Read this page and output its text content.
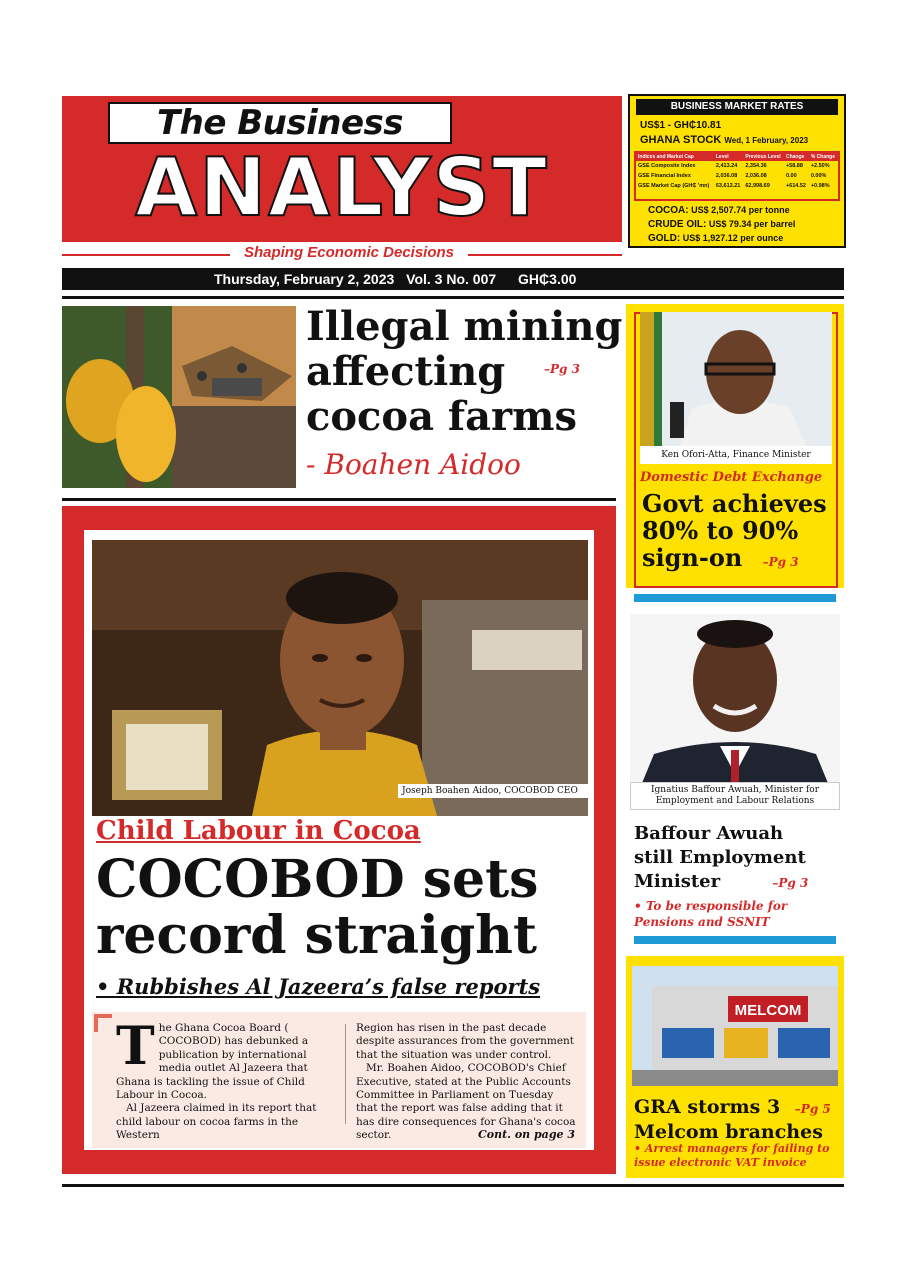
The Business
ANALYST
Shaping Economic Decisions
Thursday, February 2, 2023 Vol. 3 No. 007 GH₵3.00
BUSINESS MARKET RATES
US$1 - GH₵10.81
GHANA STOCK Wed, 1 February, 2023
Indices and Market Cap	Level	Previous Level	Change	% Change
GSE Composite Index	2,413.24	2,354.36	+58.88	+2.50%
GSE Financial Index	2,036.08	2,036.08	0.00	0.00%
GSE Market Cap (GH₵ 'mn)	63,613.21	62,998.69	+614.52	+0.98%
COCOA: US$ 2,507.74 per tonne
CRUDE OIL: US$ 79.34 per barrel
GOLD: US$ 1,927.12 per ounce
Illegal mining
affecting
cocoa farms
–Pg 3
- Boahen Aidoo
Joseph Boahen Aidoo, COCOBOD CEO
Child Labour in Cocoa
COCOBOD sets
record straight
• Rubbishes Al Jazeera’s false reports
T he Ghana Cocoa Board ( COCOBOD) has debunked a publication by international media outlet Al Jazeera that Ghana is tackling the issue of Child Labour in Cocoa.
Al Jazeera claimed in its report that child labour on cocoa farms in the Western
Region has risen in the past decade despite assurances from the government that the situation was under control.
Mr. Boahen Aidoo, COCOBOD's Chief Executive, stated at the Public Accounts Committee in Parliament on Tuesday that the report was false adding that it has dire consequences for Ghana's cocoa sector.	Cont. on page 3
Ken Ofori-Atta, Finance Minister
Domestic Debt Exchange
Govt achieves
80% to 90%
sign-on –Pg 3
Ignatius Baffour Awuah, Minister for
Employment and Labour Relations
Baffour Awuah
still Employment
Minister	–Pg 3
• To be responsible for
Pensions and SSNIT
MELCOM
GRA storms 3 –Pg 5
Melcom branches
• Arrest managers for failing to
issue electronic VAT invoice
